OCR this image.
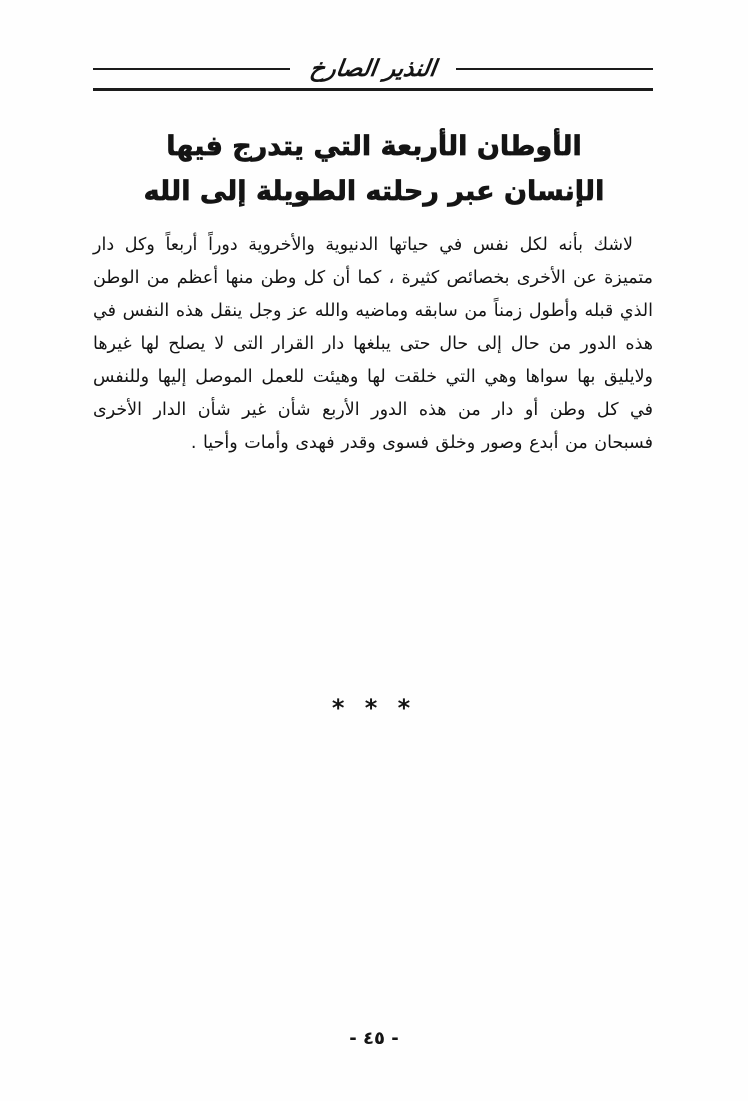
النذير الصارخ
الأوطان الأربعة التي يتدرج فيها
الإنسان عبر رحلته الطويلة إلى الله

لاشك بأنه لكل نفس في حياتها الدنيوية والأخروية دوراً أربعاً وكل دار متميزة عن الأخرى بخصائص كثيرة ، كما أن كل وطن منها أعظم من الوطن الذي قبله وأطول زمناً من سابقه وماضيه والله عز وجل ينقل هذه النفس في هذه الدور من حال إلى حال حتى يبلغها دار القرار التى لا يصلح لها غيرها ولايليق بها سواها وهي التي خلقت لها وهيئت للعمل الموصل إليها وللنفس في كل وطن أو دار من هذه الدور الأربع شأن غير شأن الدار الأخرى فسبحان من أبدع وصور وخلق فسوى وقدر فهدى وأمات وأحيا .

* * *
- ٤٥ -
